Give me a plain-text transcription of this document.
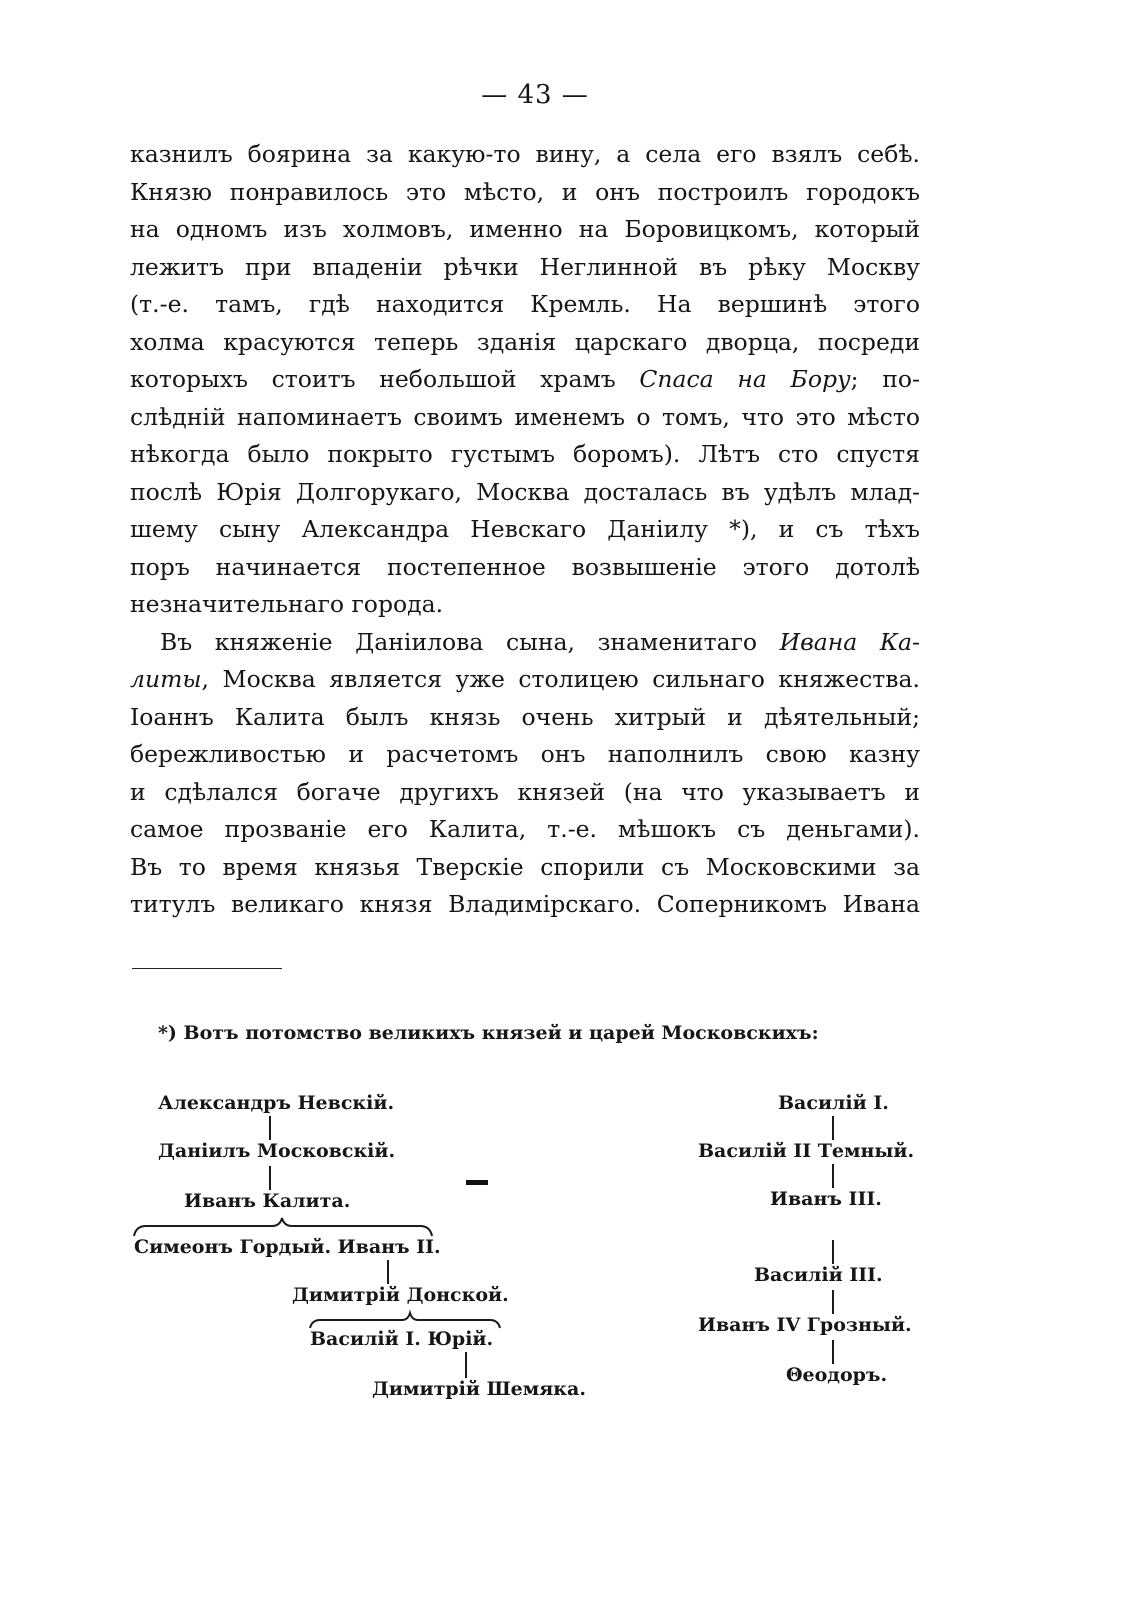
— 43 —
казнилъ боярина за какую-то вину, а села его взялъ себѣ.
Князю понравилось это мѣсто, и онъ построилъ городокъ
на одномъ изъ холмовъ, именно на Боровицкомъ, который
лежитъ при впаденіи рѣчки Неглинной въ рѣку Москву
(т.-е. тамъ, гдѣ находится Кремль. На вершинѣ этого
холма красуются теперь зданія царскаго дворца, посреди
которыхъ стоитъ небольшой храмъ Спаса на Бору; по-
слѣдній напоминаетъ своимъ именемъ о томъ, что это мѣсто
нѣкогда было покрыто густымъ боромъ). Лѣтъ сто спустя
послѣ Юрія Долгорукаго, Москва досталась въ удѣлъ млад-
шему сыну Александра Невскаго Даніилу *), и съ тѣхъ
поръ начинается постепенное возвышеніе этого дотолѣ
незначительнаго города.
Въ княженіе Даніилова сына, знаменитаго Ивана Ка-
литы, Москва является уже столицею сильнаго княжества.
Іоаннъ Калита былъ князь очень хитрый и дѣятельный;
бережливостью и расчетомъ онъ наполнилъ свою казну
и сдѣлался богаче другихъ князей (на что указываетъ и
самое прозваніе его Калита, т.-е. мѣшокъ съ деньгами).
Въ то время князья Тверскіе спорили съ Московскими за
титулъ великаго князя Владимірскаго. Соперникомъ Ивана
*) Вотъ потомство великихъ князей и царей Московскихъ:
Александръ Невскій.
Даніилъ Московскій.
Иванъ Калита.
Симеонъ Гордый. Иванъ II.
Димитрій Донской.
Василій I. Юрій.
Димитрій Шемяка.
Василій I.
Василій II Темный.
Иванъ III.
Василій III.
Иванъ IV Грозный.
Θеодоръ.
